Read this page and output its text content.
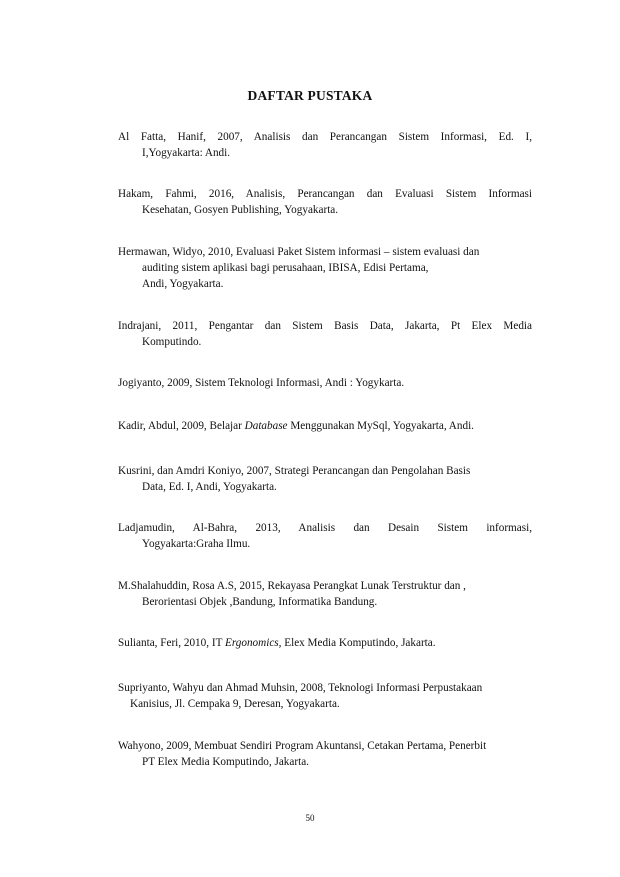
DAFTAR PUSTAKA
Al Fatta, Hanif, 2007, Analisis dan Perancangan Sistem Informasi, Ed. I,
I,Yogyakarta: Andi.
Hakam, Fahmi, 2016, Analisis, Perancangan dan Evaluasi Sistem Informasi
Kesehatan, Gosyen Publishing, Yogyakarta.
Hermawan, Widyo, 2010, Evaluasi Paket Sistem informasi – sistem evaluasi dan
auditing sistem aplikasi bagi perusahaan, IBISA, Edisi Pertama,
Andi, Yogyakarta.
Indrajani, 2011, Pengantar dan Sistem Basis Data, Jakarta, Pt Elex Media
Komputindo.
Jogiyanto, 2009, Sistem Teknologi Informasi, Andi : Yogykarta.
Kadir, Abdul, 2009, Belajar Database Menggunakan MySql, Yogyakarta, Andi.
Kusrini, dan Amdri Koniyo, 2007, Strategi Perancangan dan Pengolahan Basis
Data, Ed. I, Andi, Yogyakarta.
Ladjamudin, Al-Bahra, 2013, Analisis dan Desain Sistem informasi,
Yogyakarta:Graha Ilmu.
M.Shalahuddin, Rosa A.S, 2015, Rekayasa Perangkat Lunak Terstruktur dan ,
Berorientasi Objek ,Bandung, Informatika Bandung.
Sulianta, Feri, 2010, IT Ergonomics, Elex Media Komputindo, Jakarta.
Supriyanto, Wahyu dan Ahmad Muhsin, 2008, Teknologi Informasi Perpustakaan
Kanisius, Jl. Cempaka 9, Deresan, Yogyakarta.
Wahyono, 2009, Membuat Sendiri Program Akuntansi, Cetakan Pertama, Penerbit
PT Elex Media Komputindo, Jakarta.
50
